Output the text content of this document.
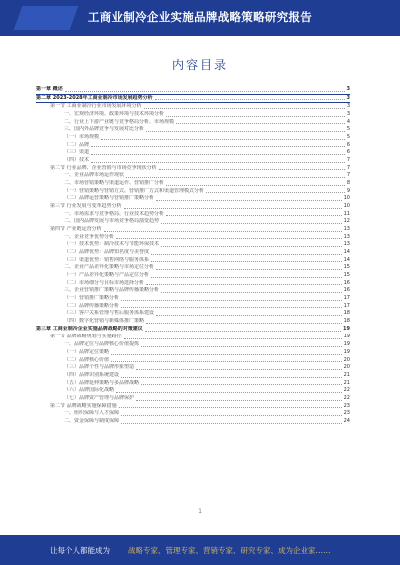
工商业制冷企业实施品牌战略策略研究报告
内容目录
第一章 概述	3
第二章 2023-2028年工商业制冷市场发展趋势分析	3
第一节 工商业制冷行业市场发展环境分析	3
一、宏观经济环境、政策环境与技术环境分析	3
二、行业上下游产业链与竞争格局分析、市场规模	4
三、国内外品牌竞争与发展对比分析	5
（一）市场规模	5
（二）品牌	6
（三）渠道	6
（四）技术	7
第二节 行业品牌、企业营销与市场竞争现状分析	7
一、企业品牌市场运作现状	7
二、市场营销策略与渠道运作、营销推广分析	8
（一）营销策略与营销方式、营销推广方式和渠道管理模式分析	9
（二）品牌运营策略与营销推广策略分析	10
第三节 行业发展与变革趋势分析	10
一、市场需求与竞争格局、行业技术趋势分析	11
二、国内品牌发展与市场竞争格局演变趋势	12
第四节 产业链运营分析	13
一、企业竞争优势分析	13
（一）技术优势：制冷技术与节能环保技术	13
（二）品牌优势：品牌知名度与美誉度	14
（三）渠道优势：销售网络与服务体系	14
二、企业产品差异化策略与市场定位分析	15
（一）产品差异化策略与产品定位分析	15
（二）市场细分与目标市场选择分析	16
三、企业营销推广策略与品牌传播策略分析	16
（一）营销推广策略分析	17
（二）品牌传播策略分析	17
（三）客户关系管理与售后服务体系建设	18
（四）数字化营销与新媒体推广策略	18
第三章 工商业制冷企业实施品牌战略的对策建议	19
第一节 品牌战略规划与实施路径	19
一、品牌定位与品牌核心价值提炼	19
（一）品牌定位策略	19
（二）品牌核心价值	20
（三）品牌个性与品牌形象塑造	20
（四）品牌识别系统建设	21
（五）品牌延伸策略与多品牌战略	21
（六）品牌国际化战略	22
（七）品牌资产管理与品牌保护	22
第二节 品牌战略实施保障措施	23
一、组织保障与人才保障	23
二、资金保障与制度保障	24
1
让每个人都能成为 战略专家、管理专家、营销专家、研究专家、成为企业家……
